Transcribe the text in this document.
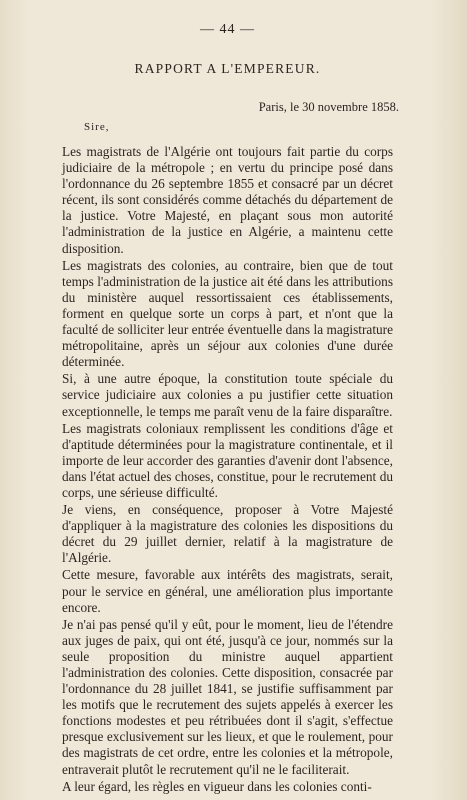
— 44 —
RAPPORT A L'EMPEREUR.
Paris, le 30 novembre 1858.
Sire,

Les magistrats de l'Algérie ont toujours fait partie du corps judiciaire de la métropole ; en vertu du principe posé dans l'ordonnance du 26 septembre 1855 et consacré par un décret récent, ils sont considérés comme détachés du département de la justice. Votre Majesté, en plaçant sous mon autorité l'administration de la justice en Algérie, a maintenu cette disposition.

Les magistrats des colonies, au contraire, bien que de tout temps l'administration de la justice ait été dans les attributions du ministère auquel ressortissaient ces établissements, forment en quelque sorte un corps à part, et n'ont que la faculté de solliciter leur entrée éventuelle dans la magistrature métropolitaine, après un séjour aux colonies d'une durée déterminée.

Si, à une autre époque, la constitution toute spéciale du service judiciaire aux colonies a pu justifier cette situation exceptionnelle, le temps me paraît venu de la faire disparaître.

Les magistrats coloniaux remplissent les conditions d'âge et d'aptitude déterminées pour la magistrature continentale, et il importe de leur accorder des garanties d'avenir dont l'absence, dans l'état actuel des choses, constitue, pour le recrutement du corps, une sérieuse difficulté.

Je viens, en conséquence, proposer à Votre Majesté d'appliquer à la magistrature des colonies les dispositions du décret du 29 juillet dernier, relatif à la magistrature de l'Algérie.

Cette mesure, favorable aux intérêts des magistrats, serait, pour le service en général, une amélioration plus importante encore.

Je n'ai pas pensé qu'il y eût, pour le moment, lieu de l'étendre aux juges de paix, qui ont été, jusqu'à ce jour, nommés sur la seule proposition du ministre auquel appartient l'administration des colonies. Cette disposition, consacrée par l'ordonnance du 28 juillet 1841, se justifie suffisamment par les motifs que le recrutement des sujets appelés à exercer les fonctions modestes et peu rétribuées dont il s'agit, s'effectue presque exclusivement sur les lieux, et que le roulement, pour des magistrats de cet ordre, entre les colonies et la métropole, entraverait plutôt le recrutement qu'il ne le faciliterait.

A leur égard, les règles en vigueur dans les colonies conti-
